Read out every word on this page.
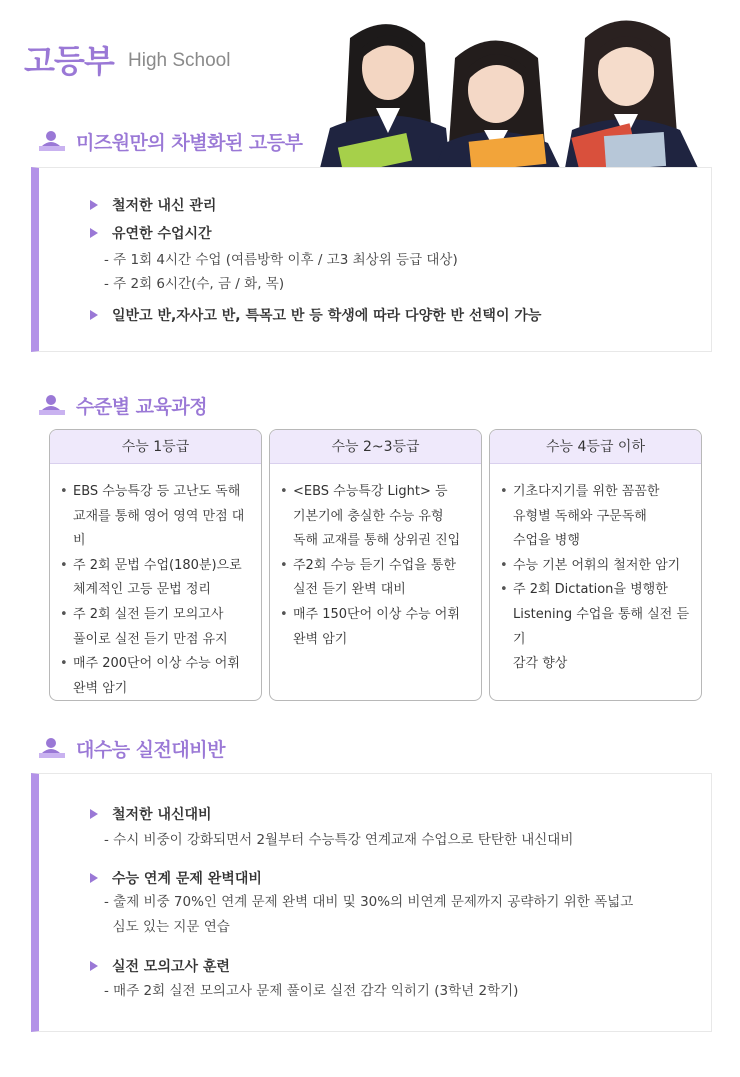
고등부 High School
미즈원만의 차별화된 고등부
철저한 내신 관리
유연한 수업시간
- 주 1회 4시간 수업 (여름방학 이후 / 고3 최상위 등급 대상)
- 주 2회 6시간(수, 금 / 화, 목)
일반고 반,자사고 반, 특목고 반 등 학생에 따라 다양한 반 선택이 가능
수준별 교육과정
수능 1등급
• EBS 수능특강 등 고난도 독해
교재를 통해 영어 영역 만점 대비
• 주 2회 문법 수업(180분)으로
체계적인 고등 문법 정리
• 주 2회 실전 듣기 모의고사
풀이로 실전 듣기 만점 유지
• 매주 200단어 이상 수능 어휘
완벽 암기
수능 2~3등급
• <EBS 수능특강 Light> 등
기본기에 충실한 수능 유형
독해 교재를 통해 상위권 진입
• 주2회 수능 듣기 수업을 통한
실전 듣기 완벽 대비
• 매주 150단어 이상 수능 어휘
완벽 암기
수능 4등급 이하
• 기초다지기를 위한 꼼꼼한
유형별 독해와 구문독해
수업을 병행
• 수능 기본 어휘의 철저한 암기
• 주 2회 Dictation을 병행한
Listening 수업을 통해 실전 듣기
감각 향상
대수능 실전대비반
철저한 내신대비
- 수시 비중이 강화되면서 2월부터 수능특강 연계교재 수업으로 탄탄한 내신대비
수능 연계 문제 완벽대비
- 출제 비중 70%인 연계 문제 완벽 대비 및 30%의 비연계 문제까지 공략하기 위한 폭넓고
심도 있는 지문 연습
실전 모의고사 훈련
- 매주 2회 실전 모의고사 문제 풀이로 실전 감각 익히기 (3학년 2학기)
